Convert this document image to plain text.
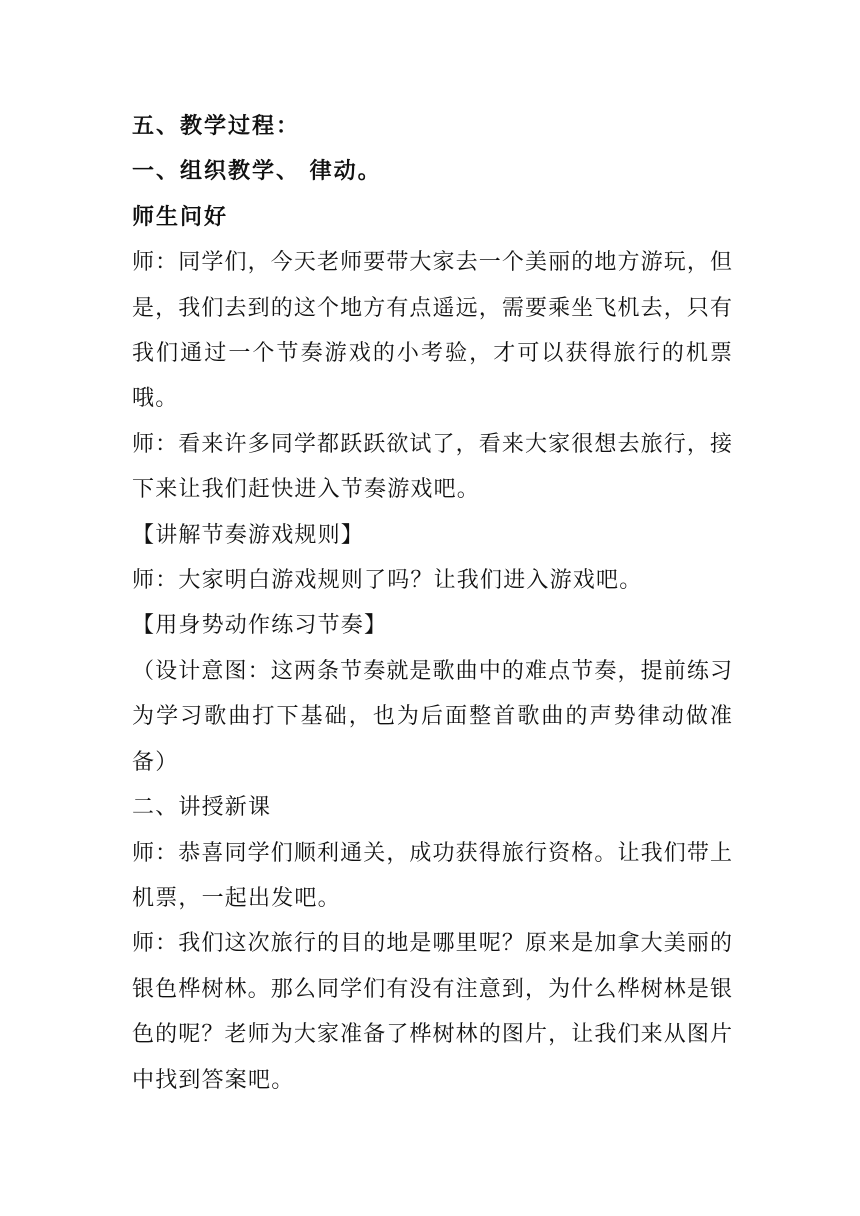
五、教学过程：

一、组织教学、 律动。

师生问好

师：同学们，今天老师要带大家去一个美丽的地方游玩，但

是，我们去到的这个地方有点遥远，需要乘坐飞机去，只有

我们通过一个节奏游戏的小考验，才可以获得旅行的机票

哦。

师：看来许多同学都跃跃欲试了，看来大家很想去旅行，接

下来让我们赶快进入节奏游戏吧。

【讲解节奏游戏规则】

师：大家明白游戏规则了吗？让我们进入游戏吧。

【用身势动作练习节奏】

（设计意图：这两条节奏就是歌曲中的难点节奏，提前练习

为学习歌曲打下基础，也为后面整首歌曲的声势律动做准

备）

二、讲授新课

师：恭喜同学们顺利通关，成功获得旅行资格。让我们带上

机票，一起出发吧。

师：我们这次旅行的目的地是哪里呢？原来是加拿大美丽的

银色桦树林。那么同学们有没有注意到，为什么桦树林是银

色的呢？老师为大家准备了桦树林的图片，让我们来从图片

中找到答案吧。
